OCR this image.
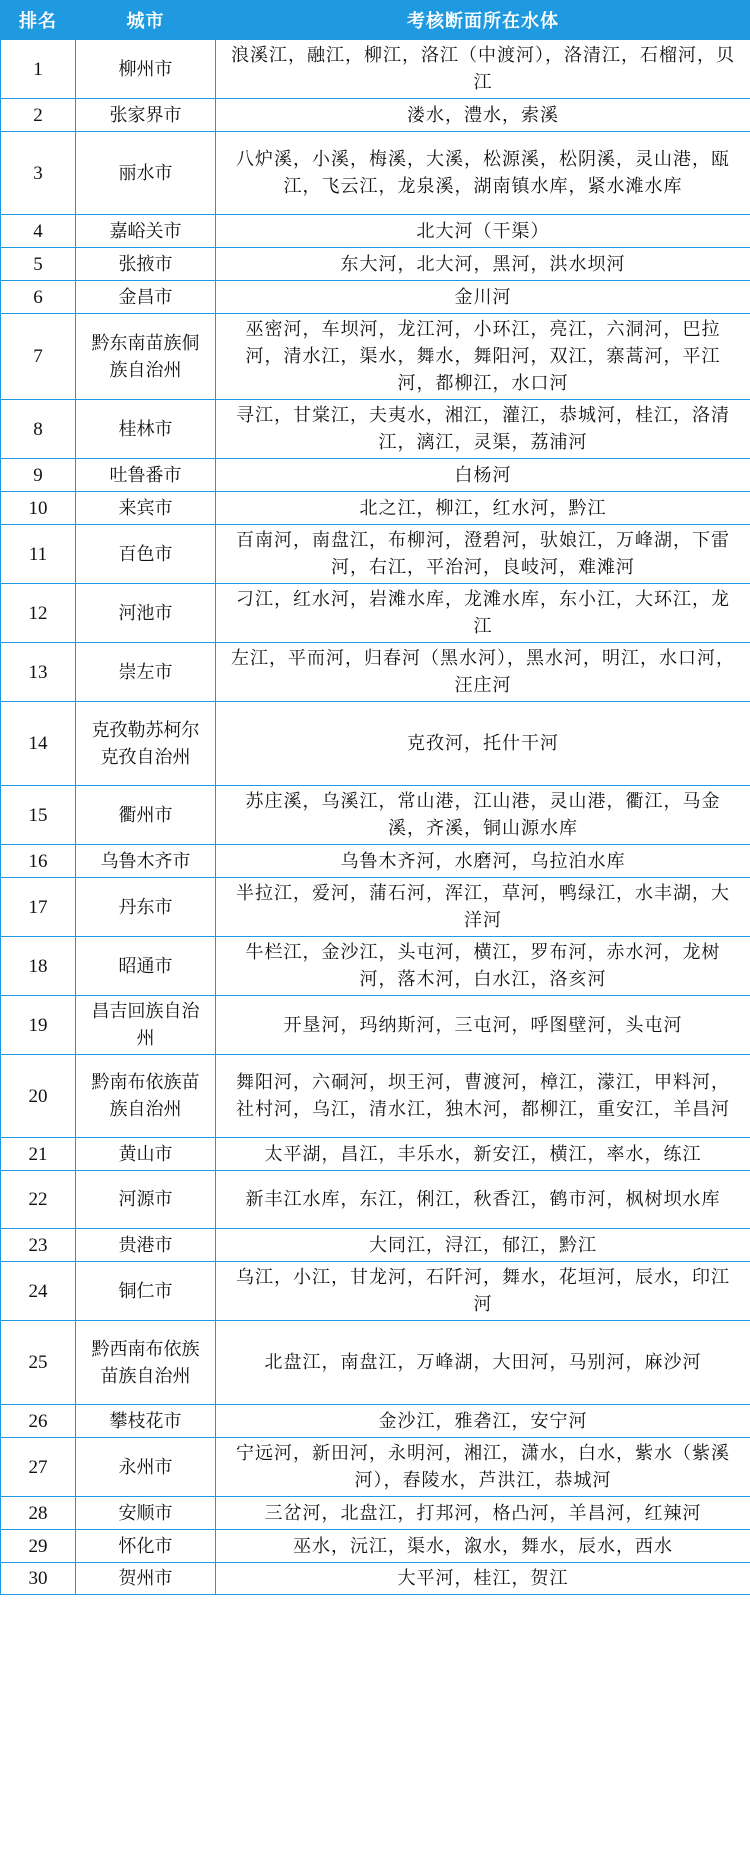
排名	城市	考核断面所在水体
1	柳州市	浪溪江，融江，柳江，洛江（中渡河），洛清江，石榴河，贝江
2	张家界市	溇水，澧水，索溪
3	丽水市	八炉溪，小溪，梅溪，大溪，松源溪，松阴溪，灵山港，瓯江，飞云江，龙泉溪，湖南镇水库，紧水滩水库
4	嘉峪关市	北大河（干渠）
5	张掖市	东大河，北大河，黑河，洪水坝河
6	金昌市	金川河
7	黔东南苗族侗族自治州	巫密河，车坝河，龙江河，小环江，亮江，六洞河，巴拉河，清水江，渠水，舞水，舞阳河，双江，寨蒿河，平江河，都柳江，水口河
8	桂林市	寻江，甘棠江，夫夷水，湘江，灌江，恭城河，桂江，洛清江，漓江，灵渠，荔浦河
9	吐鲁番市	白杨河
10	来宾市	北之江，柳江，红水河，黔江
11	百色市	百南河，南盘江，布柳河，澄碧河，驮娘江，万峰湖，下雷河，右江，平治河，良岐河，难滩河
12	河池市	刁江，红水河，岩滩水库，龙滩水库，东小江，大环江，龙江
13	崇左市	左江，平而河，归春河（黑水河），黑水河，明江，水口河，汪庄河
14	克孜勒苏柯尔克孜自治州	克孜河，托什干河
15	衢州市	苏庄溪，乌溪江，常山港，江山港，灵山港，衢江，马金溪，齐溪，铜山源水库
16	乌鲁木齐市	乌鲁木齐河，水磨河，乌拉泊水库
17	丹东市	半拉江，爱河，蒲石河，浑江，草河，鸭绿江，水丰湖，大洋河
18	昭通市	牛栏江，金沙江，头屯河，横江，罗布河，赤水河，龙树河，落木河，白水江，洛亥河
19	昌吉回族自治州	开垦河，玛纳斯河，三屯河，呼图壁河，头屯河
20	黔南布依族苗族自治州	舞阳河，六硐河，坝王河，曹渡河，樟江，濛江，甲料河，社村河，乌江，清水江，独木河，都柳江，重安江，羊昌河
21	黄山市	太平湖，昌江，丰乐水，新安江，横江，率水，练江
22	河源市	新丰江水库，东江，俐江，秋香江，鹤市河，枫树坝水库
23	贵港市	大同江，浔江，郁江，黔江
24	铜仁市	乌江，小江，甘龙河，石阡河，舞水，花垣河，辰水，印江河
25	黔西南布依族苗族自治州	北盘江，南盘江，万峰湖，大田河，马别河，麻沙河
26	攀枝花市	金沙江，雅砻江，安宁河
27	永州市	宁远河，新田河，永明河，湘江，潇水，白水，紫水（紫溪河），舂陵水，芦洪江，恭城河
28	安顺市	三岔河，北盘江，打邦河，格凸河，羊昌河，红辣河
29	怀化市	巫水，沅江，渠水，溆水，舞水，辰水，西水
30	贺州市	大平河，桂江，贺江
